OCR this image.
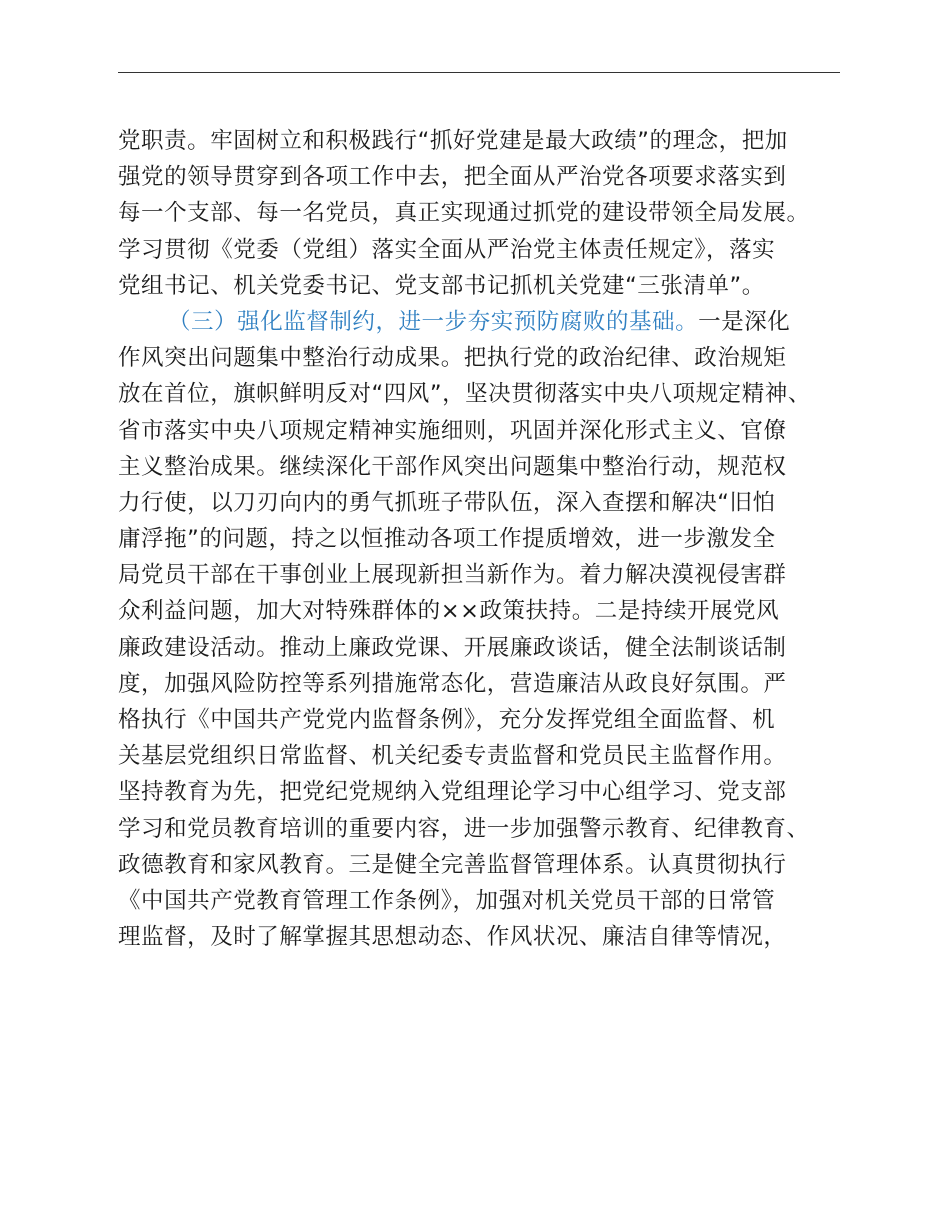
党职责。牢固树立和积极践行“抓好党建是最大政绩”的理念，把加
强党的领导贯穿到各项工作中去，把全面从严治党各项要求落实到
每一个支部、每一名党员，真正实现通过抓党的建设带领全局发展。
学习贯彻《党委（党组）落实全面从严治党主体责任规定》，落实
党组书记、机关党委书记、党支部书记抓机关党建“三张清单”。
（三）强化监督制约，进一步夯实预防腐败的基础。一是深化
作风突出问题集中整治行动成果。把执行党的政治纪律、政治规矩
放在首位，旗帜鲜明反对“四风”，坚决贯彻落实中央八项规定精神、
省市落实中央八项规定精神实施细则，巩固并深化形式主义、官僚
主义整治成果。继续深化干部作风突出问题集中整治行动，规范权
力行使，以刀刃向内的勇气抓班子带队伍，深入查摆和解决“旧怕
庸浮拖”的问题，持之以恒推动各项工作提质增效，进一步激发全
局党员干部在干事创业上展现新担当新作为。着力解决漠视侵害群
众利益问题，加大对特殊群体的××政策扶持。二是持续开展党风
廉政建设活动。推动上廉政党课、开展廉政谈话，健全法制谈话制
度，加强风险防控等系列措施常态化，营造廉洁从政良好氛围。严
格执行《中国共产党党内监督条例》，充分发挥党组全面监督、机
关基层党组织日常监督、机关纪委专责监督和党员民主监督作用。
坚持教育为先，把党纪党规纳入党组理论学习中心组学习、党支部
学习和党员教育培训的重要内容，进一步加强警示教育、纪律教育、
政德教育和家风教育。三是健全完善监督管理体系。认真贯彻执行
《中国共产党教育管理工作条例》，加强对机关党员干部的日常管
理监督，及时了解掌握其思想动态、作风状况、廉洁自律等情况，
